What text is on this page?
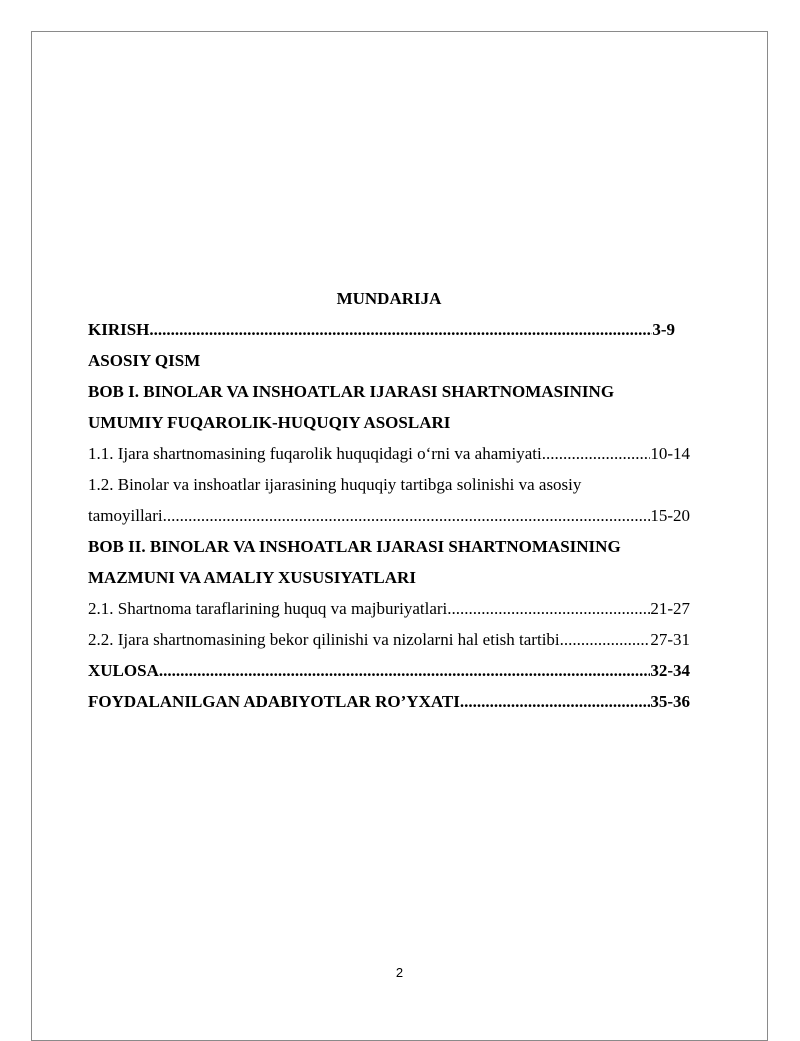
MUNDARIJA
KIRISH .....	3-9
ASOSIY QISM
BOB I. BINOLAR VA INSHOATLAR IJARASI SHARTNOMASINING
UMUMIY FUQAROLIK-HUQUQIY ASOSLARI
1.1. Ijara shartnomasining fuqarolik huquqidagi o‘rni va ahamiyati .....	10-14
1.2. Binolar va inshoatlar ijarasining huquqiy tartibga solinishi va asosiy
tamoyillari .....	15-20
BOB II. BINOLAR VA INSHOATLAR IJARASI SHARTNOMASINING
MAZMUNI VA AMALIY XUSUSIYATLARI
2.1. Shartnoma taraflarining huquq va majburiyatlari .....	21-27
2.2. Ijara shartnomasining bekor qilinishi va nizolarni hal etish tartibi .....	27-31
XULOSA .....	32-34
FOYDALANILGAN ADABIYOTLAR RO’YXATI .....	35-36
2
